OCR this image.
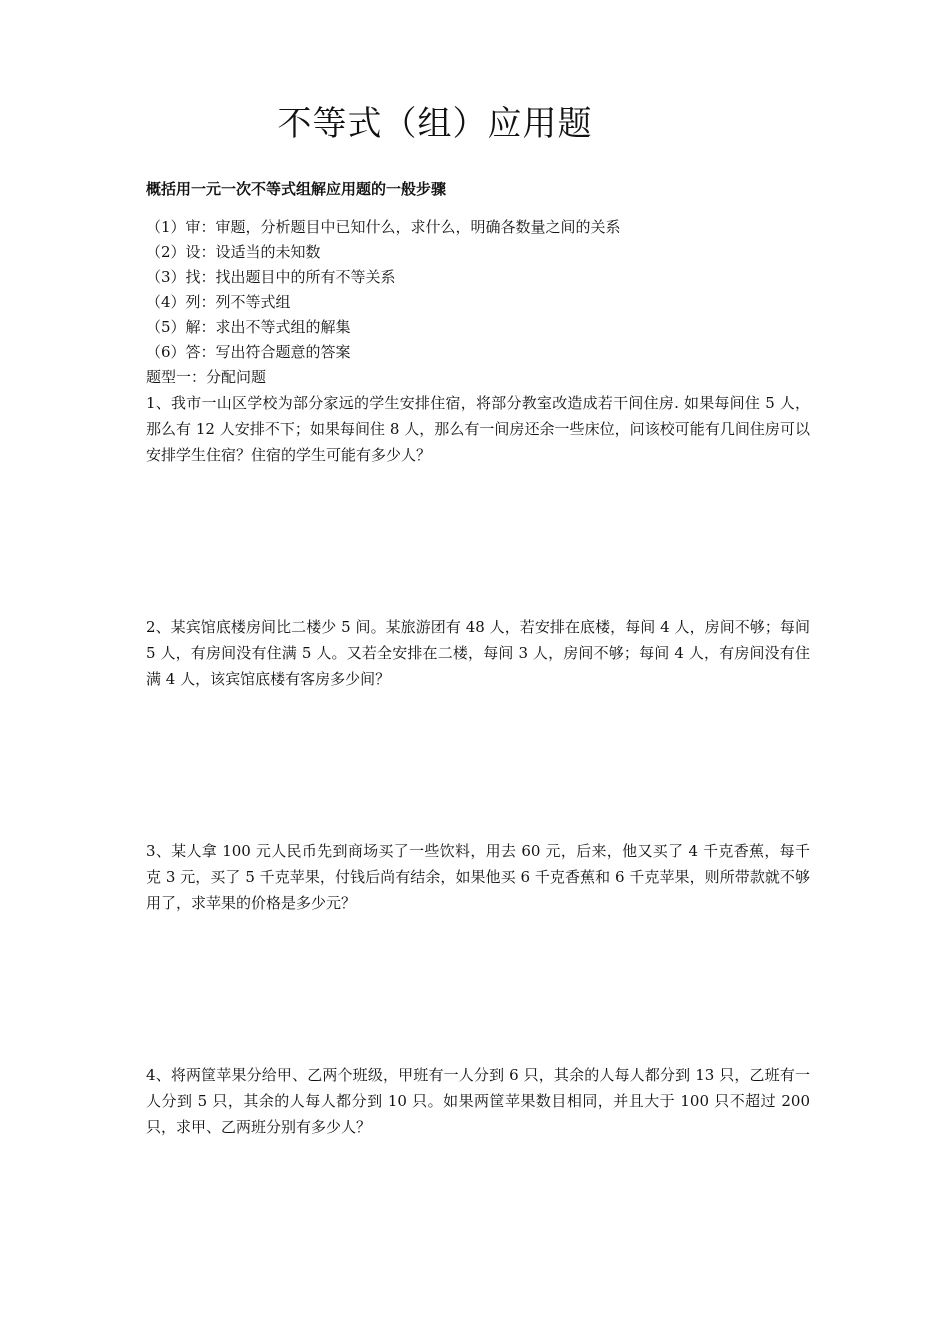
不等式（组）应用题
概括用一元一次不等式组解应用题的一般步骤
（1）审：审题，分析题目中已知什么，求什么，明确各数量之间的关系
（2）设：设适当的未知数
（3）找：找出题目中的所有不等关系
（4）列：列不等式组
（5）解：求出不等式组的解集
（6）答：写出符合题意的答案
题型一：分配问题

1、我市一山区学校为部分家远的学生安排住宿，将部分教室改造成若干间住房. 如果每间住 5 人，那么有 12 人安排不下；如果每间住 8 人，那么有一间房还余一些床位，问该校可能有几间住房可以安排学生住宿？住宿的学生可能有多少人？

2、某宾馆底楼房间比二楼少 5 间。某旅游团有 48 人，若安排在底楼，每间 4 人，房间不够；每间 5 人，有房间没有住满 5 人。又若全安排在二楼，每间 3 人，房间不够；每间 4 人，有房间没有住满 4 人，该宾馆底楼有客房多少间？

3、某人拿 100 元人民币先到商场买了一些饮料，用去 60 元，后来，他又买了 4 千克香蕉，每千克 3 元，买了 5 千克苹果，付钱后尚有结余，如果他买 6 千克香蕉和 6 千克苹果，则所带款就不够用了，求苹果的价格是多少元？

4、将两筐苹果分给甲、乙两个班级，甲班有一人分到 6 只，其余的人每人都分到 13 只，乙班有一人分到 5 只，其余的人每人都分到 10 只。如果两筐苹果数目相同，并且大于 100 只不超过 200 只，求甲、乙两班分别有多少人？
